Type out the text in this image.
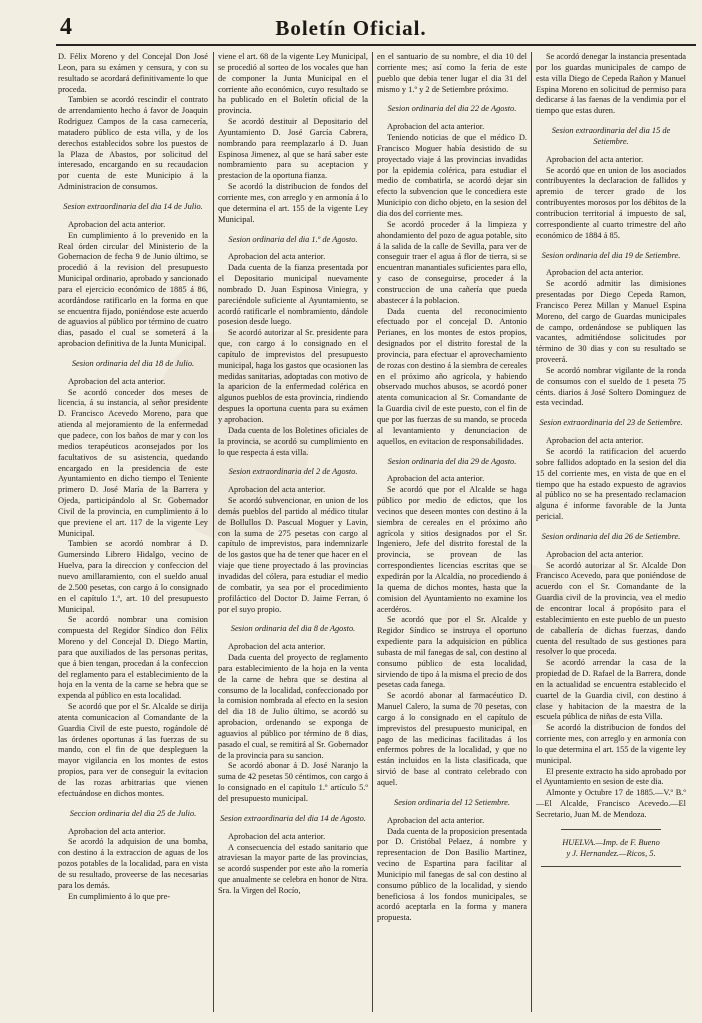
4	Boletín Oficial.

D. Félix Moreno y del Concejal Don José Leon, para su exámen y censura, y con su resultado se acordará definitivamente lo que proceda.

Tambien se acordó rescindir el contrato de arrendamiento hecho á favor de Joaquin Rodriguez Campos de la casa carnecería, matadero público de esta villa, y de los derechos establecidos sobre los puestos de la Plaza de Abastos, por solicitud del interesado, encargando en su recaudacion por cuenta de este Municipio á la Administracion de consumos.

Sesion extraordinaria del dia 14 de Julio.

Aprobacion del acta anterior.

En cumplimiento á lo prevenido en la Real órden circular del Ministerio de la Gobernacion de fecha 9 de Junio último, se procedió á la revision del presupuesto Municipal ordinario, aprobado y sancionado para el ejercicio económico de 1885 á 86, acordándose ratificarlo en la forma en que se encuentra fijado, poniéndose este acuerdo de aguavios al público por término de cuatro dias, pasado el cual se someterá á la aprobacion definitiva de la Junta Municipal.

Sesion ordinaria del dia 18 de Julio.

Aprobacion del acta anterior.

Se acordó conceder dos meses de licencia, á su instancia, al señor presidente D. Francisco Acevedo Moreno, para que atienda al mejoramiento de la enfermedad que padece, con los baños de mar y con los medios terapéuticos aconsejados por los facultativos de su asistencia, quedando encargado en la presidencia de este Ayuntamiento en dicho tiempo el Teniente primero D. José María de la Barrera y Ojeda, participándolo al Sr. Gobernador Civil de la provincia, en cumplimiento á lo que previene el art. 117 de la vigente Ley Municipal.

Tambien se acordó nombrar á D. Gumersindo Librero Hidalgo, vecino de Huelva, para la direccion y confeccion del nuevo amillaramiento, con el sueldo anual de 2.500 pesetas, con cargo á lo consignado en el capítulo 1.º, art. 10 del presupuesto Municipal.

Se acordó nombrar una comision compuesta del Regidor Síndico don Félix Moreno y del Concejal D. Diego Martin, para que auxiliados de las personas peritas, que á bien tengan, procedan á la confeccion del reglamento para el establecimiento de la hoja en la venta de la carne se hebra que se expenda al público en esta localidad.

Se acordó que por el Sr. Alcalde se dirija atenta comunicacion al Comandante de la Guardia Civil de este puesto, rogándole dé las órdenes oportunas á las fuerzas de su mando, con el fin de que despleguen la mayor vigilancia en los montes de estos propios, para ver de conseguir la evitacion de las rozas arbitrarias que vienen efectuándose en dichos montes.

Seccion ordinaria del dia 25 de Julio.

Aprobacion del acta anterior.

Se acordó la adquision de una bomba, con destino á la extraccion de aguas de los pozos potables de la localidad, para en vista de su resultado, proveerse de las necesarias para los demás.

En cumplimiento á lo que pre-

viene el art. 68 de la vigente Ley Municipal, se procedió al sorteo de los vocales que han de componer la Junta Municipal en el corriente año económico, cuyo resultado se ha publicado en el Boletín oficial de la provincia.

Se acordó destituir al Depositario del Ayuntamiento D. José García Cabrera, nombrando para reemplazarlo á D. Juan Espinosa Jimenez, al que se hará saber este nombramiento para su aceptacion y prestacion de la oportuna fianza.

Se acordó la distribucion de fondos del corriente mes, con arreglo y en armonía á lo que determina el art. 155 de la vigente Ley Municipal.

Sesion ordinaria del dia 1.º de Agosto.

Aprobacion del acta anterior.

Dada cuenta de la fianza presentada por el Depositario municipal nuevamente nombrado D. Juan Espinosa Viniegra, y pareciéndole suficiente al Ayuntamiento, se acordó ratificarle el nombramiento, dándole posesion desde luego.

Se acordó autorizar al Sr. presidente para que, con cargo á lo consignado en el capítulo de imprevistos del presupuesto municipal, haga los gastos que ocasionen las medidas sanitarias, adoptadas con motivo de la aparicion de la enfermedad colérica en algunos pueblos de esta provincia, rindiendo despues la oportuna cuenta para su exámen y aprobacion.

Dada cuenta de los Boletines oficiales de la provincia, se acordó su cumplimiento en lo que respecta á esta villa.

Sesion extraordinaria del 2 de Agosto.

Aprobacion del acta anterior.

Se acordó subvencionar, en union de los demás pueblos del partido al médico titular de Bollullos D. Pascual Moguer y Lavin, con la suma de 275 pesetas con cargo al capítulo de imprevistos, para indemnizarle de los gastos que ha de tener que hacer en el viaje que tiene proyectado á las provincias invadidas del cólera, para estudiar el medio de combatir, ya sea por el procedimiento profiláctico del Doctor D. Jaime Ferran, ó por el suyo propio.

Sesion ordinaria del dia 8 de Agosto.

Aprobacion del acta anterior.

Dada cuenta del proyecto de reglamento para establecimiento de la hoja en la venta de la carne de hebra que se destina al consumo de la localidad, confeccionado por la comision nombrada al efecto en la sesion del dia 18 de Julio último, se acordó su aprobacion, ordenando se exponga de aguavios al público por término de 8 dias, pasado el cual, se remitirá al Sr. Gobernador de la provincia para su sancion.

Se acordó abonar á D. José Naranjo la suma de 42 pesetas 50 céntimos, con cargo á lo consignado en el capítulo 1.º artículo 5.º del presupuesto municipal.

Sesion extraordinaria del dia 14 de Agosto.

Aprobacion del acta anterior.

A consecuencia del estado sanitario que atraviesan la mayor parte de las provincias, se acordó suspender por este año la romería que anualmente se celebra en honor de Ntra. Sra. la Virgen del Rocío,

en el santuario de su nombre, el dia 10 del corriente mes; así como la feria de este pueblo que debia tener lugar el dia 31 del mismo y 1.º y 2 de Setiembre próximo.

Sesion ordinaria del dia 22 de Agosto.

Aprobacion del acta anterior.

Teniendo noticias de que el médico D. Francisco Moguer había desistido de su proyectado viaje á las provincias invadidas por la epidemia colérica, para estudiar el medio de combatirla, se acordó dejar sin efecto la subvencion que le concediera este Municipio con dicho objeto, en la sesion del dia dos del corriente mes.

Se acordó proceder á la limpieza y ahondamiento del pozo de agua potable, sito á la salida de la calle de Sevilla, para ver de conseguir traer el agua á flor de tierra, si se encuentran manantiales suficientes para ello, y caso de conseguirse, proceder á la construccion de una cañería que pueda abastecer á la poblacion.

Dada cuenta del reconocimiento efectuado por el concejal D. Antonio Perianes, en los montes de estos propios, designados por el distrito forestal de la provincia, para efectuar el aprovechamiento de rozas con destino á la siembra de cereales en el próximo año agrícola, y habiendo observado muchos abusos, se acordó poner atenta comunicacion al Sr. Comandante de la Guardia civil de este puesto, con el fin de que por las fuerzas de su mando, se proceda al levantamiento y denunciacion de aquellos, en evitacion de responsabilidades.

Sesion ordinaria del dia 29 de Agosto.

Aprobacion del acta anterior.

Se acordó que por el Alcalde se haga público por medio de edictos, que los vecinos que deseen montes con destino á la siembra de cereales en el próximo año agrícola y sitios designados por el Sr. Ingeniero, Jefe del distrito forestal de la provincia, se provean de las correspondientes licencias escritas que se expedirán por la Alcaldía, no procediendo á la quema de dichos montes, hasta que la comision del Ayuntamiento no examine los acerdéros.

Se acordó que por el Sr. Alcalde y Regidor Síndico se instruya el oportuno expediente para la adquisicion en pública subasta de mil fanegas de sal, con destino al consumo público de esta localidad, sirviendo de tipo á la misma el precio de dos pesetas cada fanega.

Se acordó abonar al farmacéutico D. Manuel Calero, la suma de 70 pesetas, con cargo á lo consignado en el capítulo de imprevistos del presupuesto municipal, en pago de las medicinas facilitadas á los enfermos pobres de la localidad, y que no están incluidos en la lista clasificada, que sirvió de base al contrato celebrado con aquel.

Sesion ordinaria del 12 Setiembre.

Aprobacion del acta anterior.

Dada cuenta de la proposicion presentada por D. Cristóbal Pelaez, á nombre y representacion de Don Basilio Martinez, vecino de Espartina para facilitar al Municipio mil fanegas de sal con destino al consumo público de la localidad, y siendo beneficiosa á los fondos municipales, se acordó aceptarla en la forma y manera propuesta.

Se acordó denegar la instancia presentada por los guardas municipales de campo de esta villa Diego de Cepeda Rañon y Manuel Espina Moreno en solicitud de permiso para dedicarse á las faenas de la vendimia por el tiempo que estas duren.

Sesion extraordinaria del dia 15 de Setiembre.

Aprobacion del acta anterior.

Se acordó que en union de los asociados contribuyentes la declaracion de fallidos y apremio de tercer grado de los contribuyentes morosos por los débitos de la contribucion territorial á impuesto de sal, correspondiente al cuarto trimestre del año económico de 1884 á 85.

Sesion ordinaria del dia 19 de Setiembre.

Aprobacion del acta anterior.

Se acordó admitir las dimisiones presentadas por Diego Cepeda Ramon, Francisco Perez Millan y Manuel Espina Moreno, del cargo de Guardas municipales de campo, ordenándose se publiquen las vacantes, admitiéndose solicitudes por término de 30 dias y con su resultado se proveerá.

Se acordó nombrar vigilante de la ronda de consumos con el sueldo de 1 peseta 75 cénts. diarios á José Soltero Dominguez de esta vecindad.

Sesion extraordinaria del 23 de Setiembre.

Aprobacion del acta anterior.

Se acordó la ratificacion del acuerdo sobre fallidos adoptado en la sesion del dia 15 del corriente mes, en vista de que en el tiempo que ha estado expuesto de agravios al público no se ha presentado reclamacion alguna é informe favorable de la Junta pericial.

Sesion ordinaria del dia 26 de Setiembre.

Aprobacion del acta anterior.

Se acordó autorizar al Sr. Alcalde Don Francisco Acevedo, para que poniéndose de acuerdo con el Sr. Comandante de la Guardia civil de la provincia, vea el medio de encontrar local á propósito para el establecimiento en este pueblo de un puesto de caballería de dichas fuerzas, dando cuenta del resultado de sus gestiones para resolver lo que proceda.

Se acordó arrendar la casa de la propiedad de D. Rafael de la Barrera, donde en la actualidad se encuentra establecido el cuartel de la Guardia civil, con destino á clase y habitacion de la maestra de la escuela pública de niñas de esta Villa.

Se acordó la distribucion de fondos del corriente mes, con arreglo y en armonía con lo que determina el art. 155 de la vigente ley municipal.

El presente extracto ha sido aprobado por el Ayuntamiento en sesion de este dia.

Almonte y Octubre 17 de 1885.—V.º B.º—El Alcalde, Francisco Acevedo.—El Secretario, Juan M. de Mendoza.

HUELVA.—Imp. de F. Bueno

y J. Hernandez.—Ricos, 5.
